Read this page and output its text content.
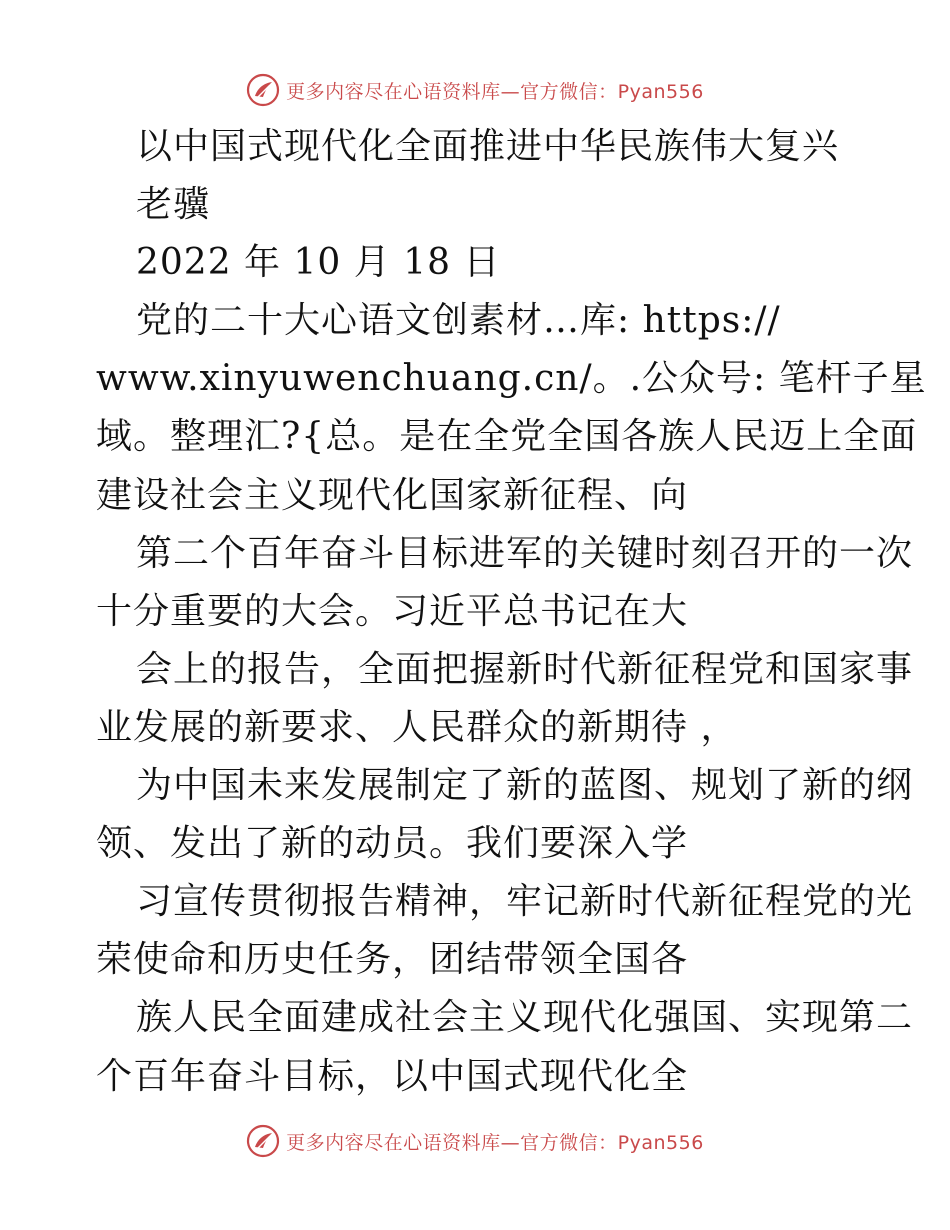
更多内容尽在心语资料库—官方微信：Pyan556
以中国式现代化全面推进中华民族伟大复兴
老骥
2022 年 10 月 18 日
党的二十大心语文创素材…库: https://
www.xinyuwenchuang.cn/。.公众号: 笔杆子星
域。整理汇?{总。是在全党全国各族人民迈上全面
建设社会主义现代化国家新征程、向
第二个百年奋斗目标进军的关键时刻召开的一次
十分重要的大会。习近平总书记在大
会上的报告，全面把握新时代新征程党和国家事
业发展的新要求、人民群众的新期待 ，
为中国未来发展制定了新的蓝图、规划了新的纲
领、发出了新的动员。我们要深入学
习宣传贯彻报告精神，牢记新时代新征程党的光
荣使命和历史任务，团结带领全国各
族人民全面建成社会主义现代化强国、实现第二
个百年奋斗目标，以中国式现代化全
更多内容尽在心语资料库—官方微信：Pyan556
